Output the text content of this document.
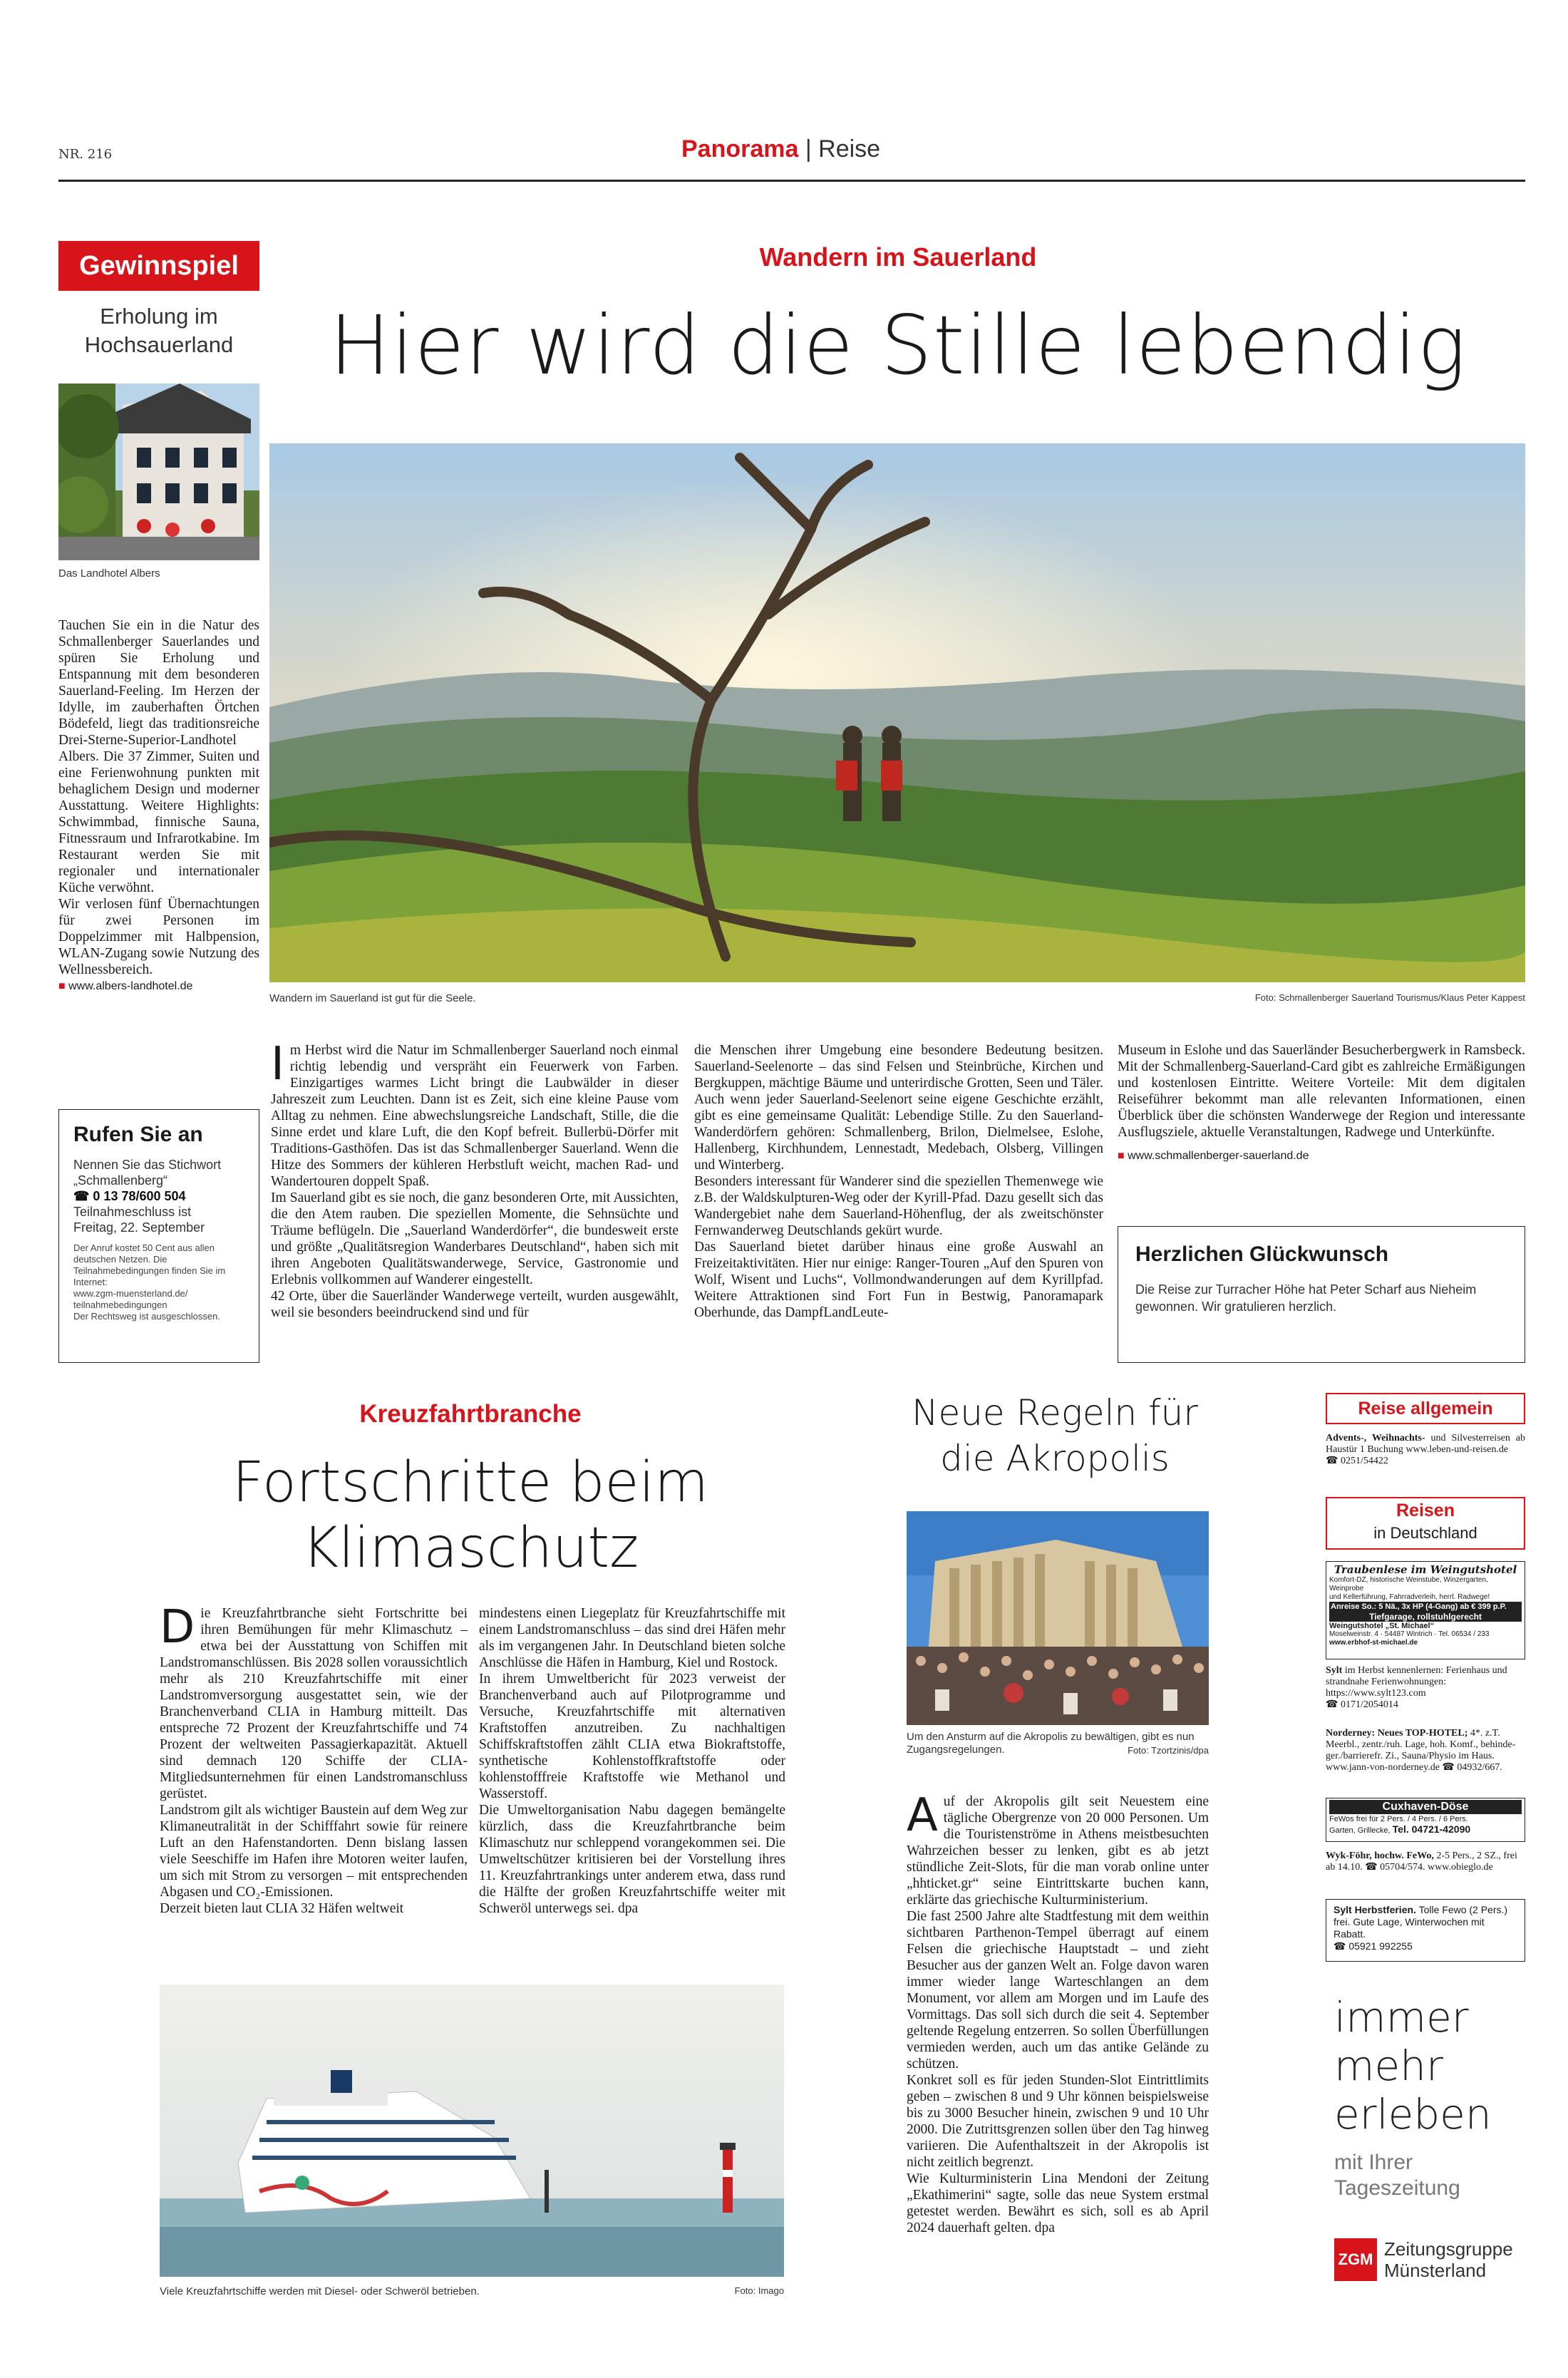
NR. 216	Panorama | Reise
Gewinnspiel
Erholung im
Hochsauerland
Das Landhotel Albers

Tauchen Sie ein in die Natur des Schmallenberger Sauerlandes und spüren Sie Erholung und Entspannung mit dem besonderen Sauerland-Feeling. Im Herzen der Idylle, im zauberhaften Örtchen Bödefeld, liegt das traditionsreiche Drei-Sterne-Superior-Landhotel Albers. Die 37 Zimmer, Suiten und eine Ferienwohnung punkten mit behaglichem Design und moderner Ausstattung. Weitere Highlights: Schwimmbad, finnische Sauna, Fitnessraum und Infrarotkabine. Im Restaurant werden Sie mit regionaler und internationaler Küche verwöhnt.

Wir verlosen fünf Übernachtungen für zwei Personen im Doppelzimmer mit Halbpension, WLAN-Zugang sowie Nutzung des Wellnessbereich.

■ www.albers-landhotel.de

Rufen Sie an
Nennen Sie das Stichwort
„Schmallenberg“
☎ 0 13 78/600 504
Teilnahmeschluss ist
Freitag, 22. September
Der Anruf kostet 50 Cent aus allen deutschen Netzen. Die Teilnahmebedingungen finden Sie im Internet:
www.zgm-muensterland.de/ teilnahmebedingungen
Der Rechtsweg ist ausgeschlossen.
Wandern im Sauerland
Hier wird die Stille lebendig
Wandern im Sauerland ist gut für die Seele.	Foto: Schmallenberger Sauerland Tourismus/Klaus Peter Kappest
I m Herbst wird die Natur im Schmallenberger Sauerland noch einmal richtig lebendig und verspräht ein Feuerwerk von Farben. Einzigartiges warmes Licht bringt die Laubwälder in dieser Jahreszeit zum Leuchten. Dann ist es Zeit, sich eine kleine Pause vom Alltag zu nehmen. Eine abwechslungsreiche Landschaft, Stille, die die Sinne erdet und klare Luft, die den Kopf befreit. Bullerbü-Dörfer mit Traditions-Gasthöfen. Das ist das Schmallenberger Sauerland. Wenn die Hitze des Sommers der kühleren Herbstluft weicht, machen Rad- und Wandertouren doppelt Spaß.

Im Sauerland gibt es sie noch, die ganz besonderen Orte, mit Aussichten, die den Atem rauben. Die speziellen Momente, die Sehnsüchte und Träume beflügeln. Die „Sauerland Wanderdörfer“, die bundesweit erste und größte „Qualitätsregion Wanderbares Deutschland“, haben sich mit ihren Angeboten Qualitätswanderwege, Service, Gastronomie und Erlebnis vollkommen auf Wanderer eingestellt.

42 Orte, über die Sauerländer Wanderwege verteilt, wurden ausgewählt, weil sie besonders beeindruckend sind und für

die Menschen ihrer Umgebung eine besondere Bedeutung besitzen. Sauerland-Seelenorte – das sind Felsen und Steinbrüche, Kirchen und Bergkuppen, mächtige Bäume und unterirdische Grotten, Seen und Täler. Auch wenn jeder Sauerland-Seelenort seine eigene Geschichte erzählt, gibt es eine gemeinsame Qualität: Lebendige Stille. Zu den Sauerland-Wanderdörfern gehören: Schmallenberg, Brilon, Dielmelsee, Eslohe, Hallenberg, Kirchhundem, Lennestadt, Medebach, Olsberg, Villingen und Winterberg.

Besonders interessant für Wanderer sind die speziellen Themenwege wie z.B. der Waldskulpturen-Weg oder der Kyrill-Pfad. Dazu gesellt sich das Wandergebiet nahe dem Sauerland-Höhenflug, der als zweitschönster Fernwanderweg Deutschlands gekürt wurde.

Das Sauerland bietet darüber hinaus eine große Auswahl an Freizeitaktivitäten. Hier nur einige: Ranger-Touren „Auf den Spuren von Wolf, Wisent und Luchs“, Vollmondwanderungen auf dem Kyrillpfad. Weitere Attraktionen sind Fort Fun in Bestwig, Panoramapark Oberhunde, das DampfLandLeute-

Museum in Eslohe und das Sauerländer Besucherbergwerk in Ramsbeck. Mit der Schmallenberg-Sauerland-Card gibt es zahlreiche Ermäßigungen und kostenlosen Eintritte. Weitere Vorteile: Mit dem digitalen Reiseführer bekommt man alle relevanten Informationen, einen Überblick über die schönsten Wanderwege der Region und interessante Ausflugsziele, aktuelle Veranstaltungen, Radwege und Unterkünfte.

■ www.schmallenberger-sauerland.de

Herzlichen Glückwunsch
Die Reise zur Turracher Höhe hat Peter Scharf aus Nieheim gewonnen. Wir gratulieren herzlich.
Kreuzfahrtbranche
Fortschritte beim
Klimaschutz
D ie Kreuzfahrtbranche sieht Fortschritte bei ihren Bemühungen für mehr Klimaschutz – etwa bei der Ausstattung von Schiffen mit Landstromanschlüssen. Bis 2028 sollen voraussichtlich mehr als 210 Kreuzfahrtschiffe mit einer Landstromversorgung ausgestattet sein, wie der Branchenverband CLIA in Hamburg mitteilt. Das entspreche 72 Prozent der Kreuzfahrtschiffe und 74 Prozent der weltweiten Passagierkapazität. Aktuell sind demnach 120 Schiffe der CLIA-Mitgliedsunternehmen für einen Landstromanschluss gerüstet.

Landstrom gilt als wichtiger Baustein auf dem Weg zur Klimaneutralität in der Schifffahrt sowie für reinere Luft an den Hafenstandorten. Denn bislang lassen viele Seeschiffe im Hafen ihre Motoren weiter laufen, um sich mit Strom zu versorgen – mit entsprechenden Abgasen und CO₂-Emissionen.

Derzeit bieten laut CLIA 32 Häfen weltweit

mindestens einen Liegeplatz für Kreuzfahrtschiffe mit einem Landstromanschluss – das sind drei Häfen mehr als im vergangenen Jahr. In Deutschland bieten solche Anschlüsse die Häfen in Hamburg, Kiel und Rostock.

In ihrem Umweltbericht für 2023 verweist der Branchenverband auch auf Pilotprogramme und Versuche, Kreuzfahrtschiffe mit alternativen Kraftstoffen anzutreiben. Zu nachhaltigen Schiffskraftstoffen zählt CLIA etwa Biokraftstoffe, synthetische Kohlenstoffkraftstoffe oder kohlenstofffreie Kraftstoffe wie Methanol und Wasserstoff.

Die Umweltorganisation Nabu dagegen bemängelte kürzlich, dass die Kreuzfahrtbranche beim Klimaschutz nur schleppend vorangekommen sei. Die Umweltschützer kritisieren bei der Vorstellung ihres 11. Kreuzfahrtrankings unter anderem etwa, dass rund die Hälfte der großen Kreuzfahrtschiffe weiter mit Schweröl unterwegs sei. dpa

Viele Kreuzfahrtschiffe werden mit Diesel- oder Schweröl betrieben.	Foto: Imago
Neue Regeln für
die Akropolis
Um den Ansturm auf die Akropolis zu bewältigen, gibt es nun Zugangsregelungen.	Foto: Tzortzinis/dpa
A uf der Akropolis gilt seit Neuestem eine tägliche Obergrenze von 20 000 Personen. Um die Touristenströme in Athens meistbesuchten Wahrzeichen besser zu lenken, gibt es ab jetzt stündliche Zeit-Slots, für die man vorab online unter „hhticket.gr“ seine Eintrittskarte buchen kann, erklärte das griechische Kulturministerium.

Die fast 2500 Jahre alte Stadtfestung mit dem weithin sichtbaren Parthenon-Tempel überragt auf einem Felsen die griechische Hauptstadt – und zieht Besucher aus der ganzen Welt an. Folge davon waren immer wieder lange Warteschlangen an dem Monument, vor allem am Morgen und im Laufe des Vormittags. Das soll sich durch die seit 4. September geltende Regelung entzerren. So sollen Überfüllungen vermieden werden, auch um das antike Gelände zu schützen.

Konkret soll es für jeden Stunden-Slot Eintrittlimits geben – zwischen 8 und 9 Uhr können beispielsweise bis zu 3000 Besucher hinein, zwischen 9 und 10 Uhr 2000. Die Zutrittsgrenzen sollen über den Tag hinweg variieren. Die Aufenthaltszeit in der Akropolis ist nicht zeitlich begrenzt.

Wie Kulturministerin Lina Mendoni der Zeitung „Ekathimerini“ sagte, solle das neue System erstmal getestet werden. Bewährt es sich, soll es ab April 2024 dauerhaft gelten. dpa

Reise allgemein
Advents-, Weihnachts- und Silvesterreisen ab Haustür 1 Buchung www.leben-und-reisen.de
☎ 0251/54422
Reisen
in Deutschland
Traubenlese im Weingutshotel
Komfort-DZ, historische Weinstube, Winzergarten, Weinprobe
und Kellerführung, Fahrradverleih, herrl. Radwege!
Anreise So.: 5 Nä., 3x HP (4-Gang) ab € 399 p.P.
Tiefgarage, rollstuhlgerecht
Weingutshotel „St. Michael“
Moselweinstr. 4 · 54487 Wintrich · Tel. 06534 / 233
www.erbhof-st-michael.de
Sylt im Herbst kennenlernen: Ferienhaus und strandnahe Ferienwohnungen: https://www.sylt123.com
☎ 0171/2054014
Norderney: Neues TOP-HOTEL; 4*. z.T. Meerbl., zentr./ruh. Lage, hoh. Komf., behinde-ger./barrierefr. Zi., Sauna/Physio im Haus. www.jann-von-norderney.de ☎ 04932/667.
Cuxhaven-Döse
FeWos frei für 2 Pers. / 4 Pers. / 6 Pers.
Garten, Grillecke, Tel. 04721-42090
Wyk-Föhr, hochw. FeWo, 2-5 Pers., 2 SZ., frei ab 14.10. ☎ 05704/574. www.obieglo.de
Sylt Herbstferien. Tolle Fewo (2 Pers.) frei. Gute Lage, Winterwochen mit Rabatt.
☎ 05921 992255
immer
mehr
erleben
mit Ihrer
Tageszeitung
ZGM Zeitungsgruppe
Münsterland
